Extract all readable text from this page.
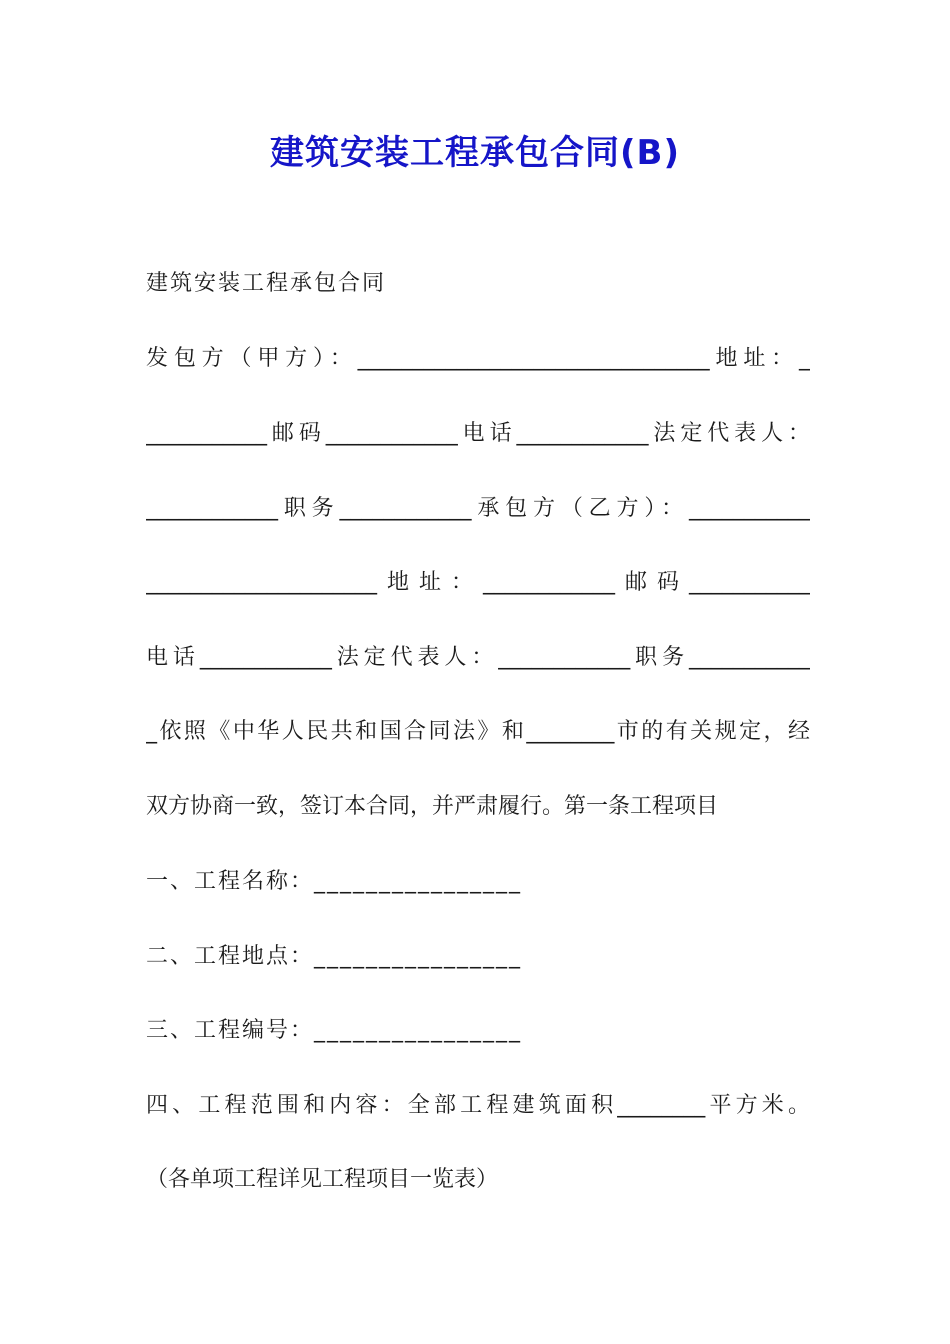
建筑安装工程承包合同(B)
建筑安装工程承包合同
发包方（甲方）：________________________________地址：_
___________邮码____________电话____________法定代表人：
____________职务____________承包方（乙方）：___________
_____________________地址：____________邮码___________
电话____________法定代表人：____________职务___________
_依照《中华人民共和国合同法》和________市的有关规定，经
双方协商一致，签订本合同，并严肃履行。第一条工程项目
一、工程名称：________________
二、工程地点：________________
三、工程编号：________________
四、工程范围和内容：全部工程建筑面积________平方米。
（各单项工程详见工程项目一览表）
